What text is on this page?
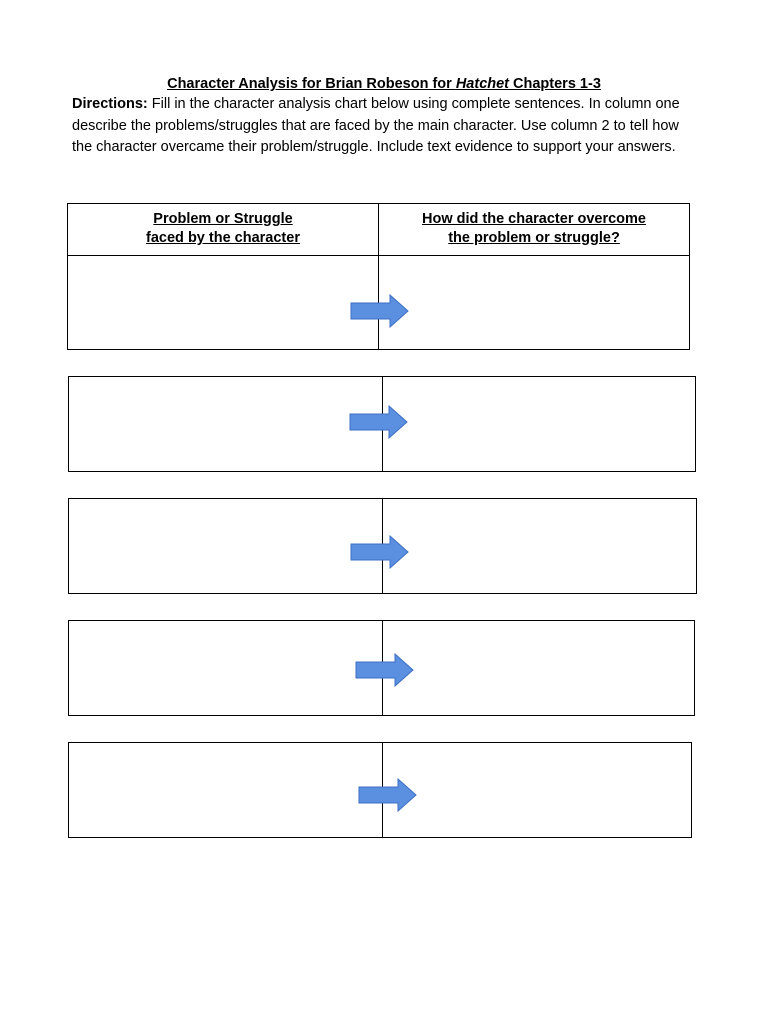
Character Analysis for Brian Robeson for Hatchet Chapters 1-3
Directions: Fill in the character analysis chart below using complete sentences. In column one describe the problems/struggles that are faced by the main character. Use column 2 to tell how the character overcame their problem/struggle. Include text evidence to support your answers.
Problem or Struggle
faced by the character
How did the character overcome
the problem or struggle?
